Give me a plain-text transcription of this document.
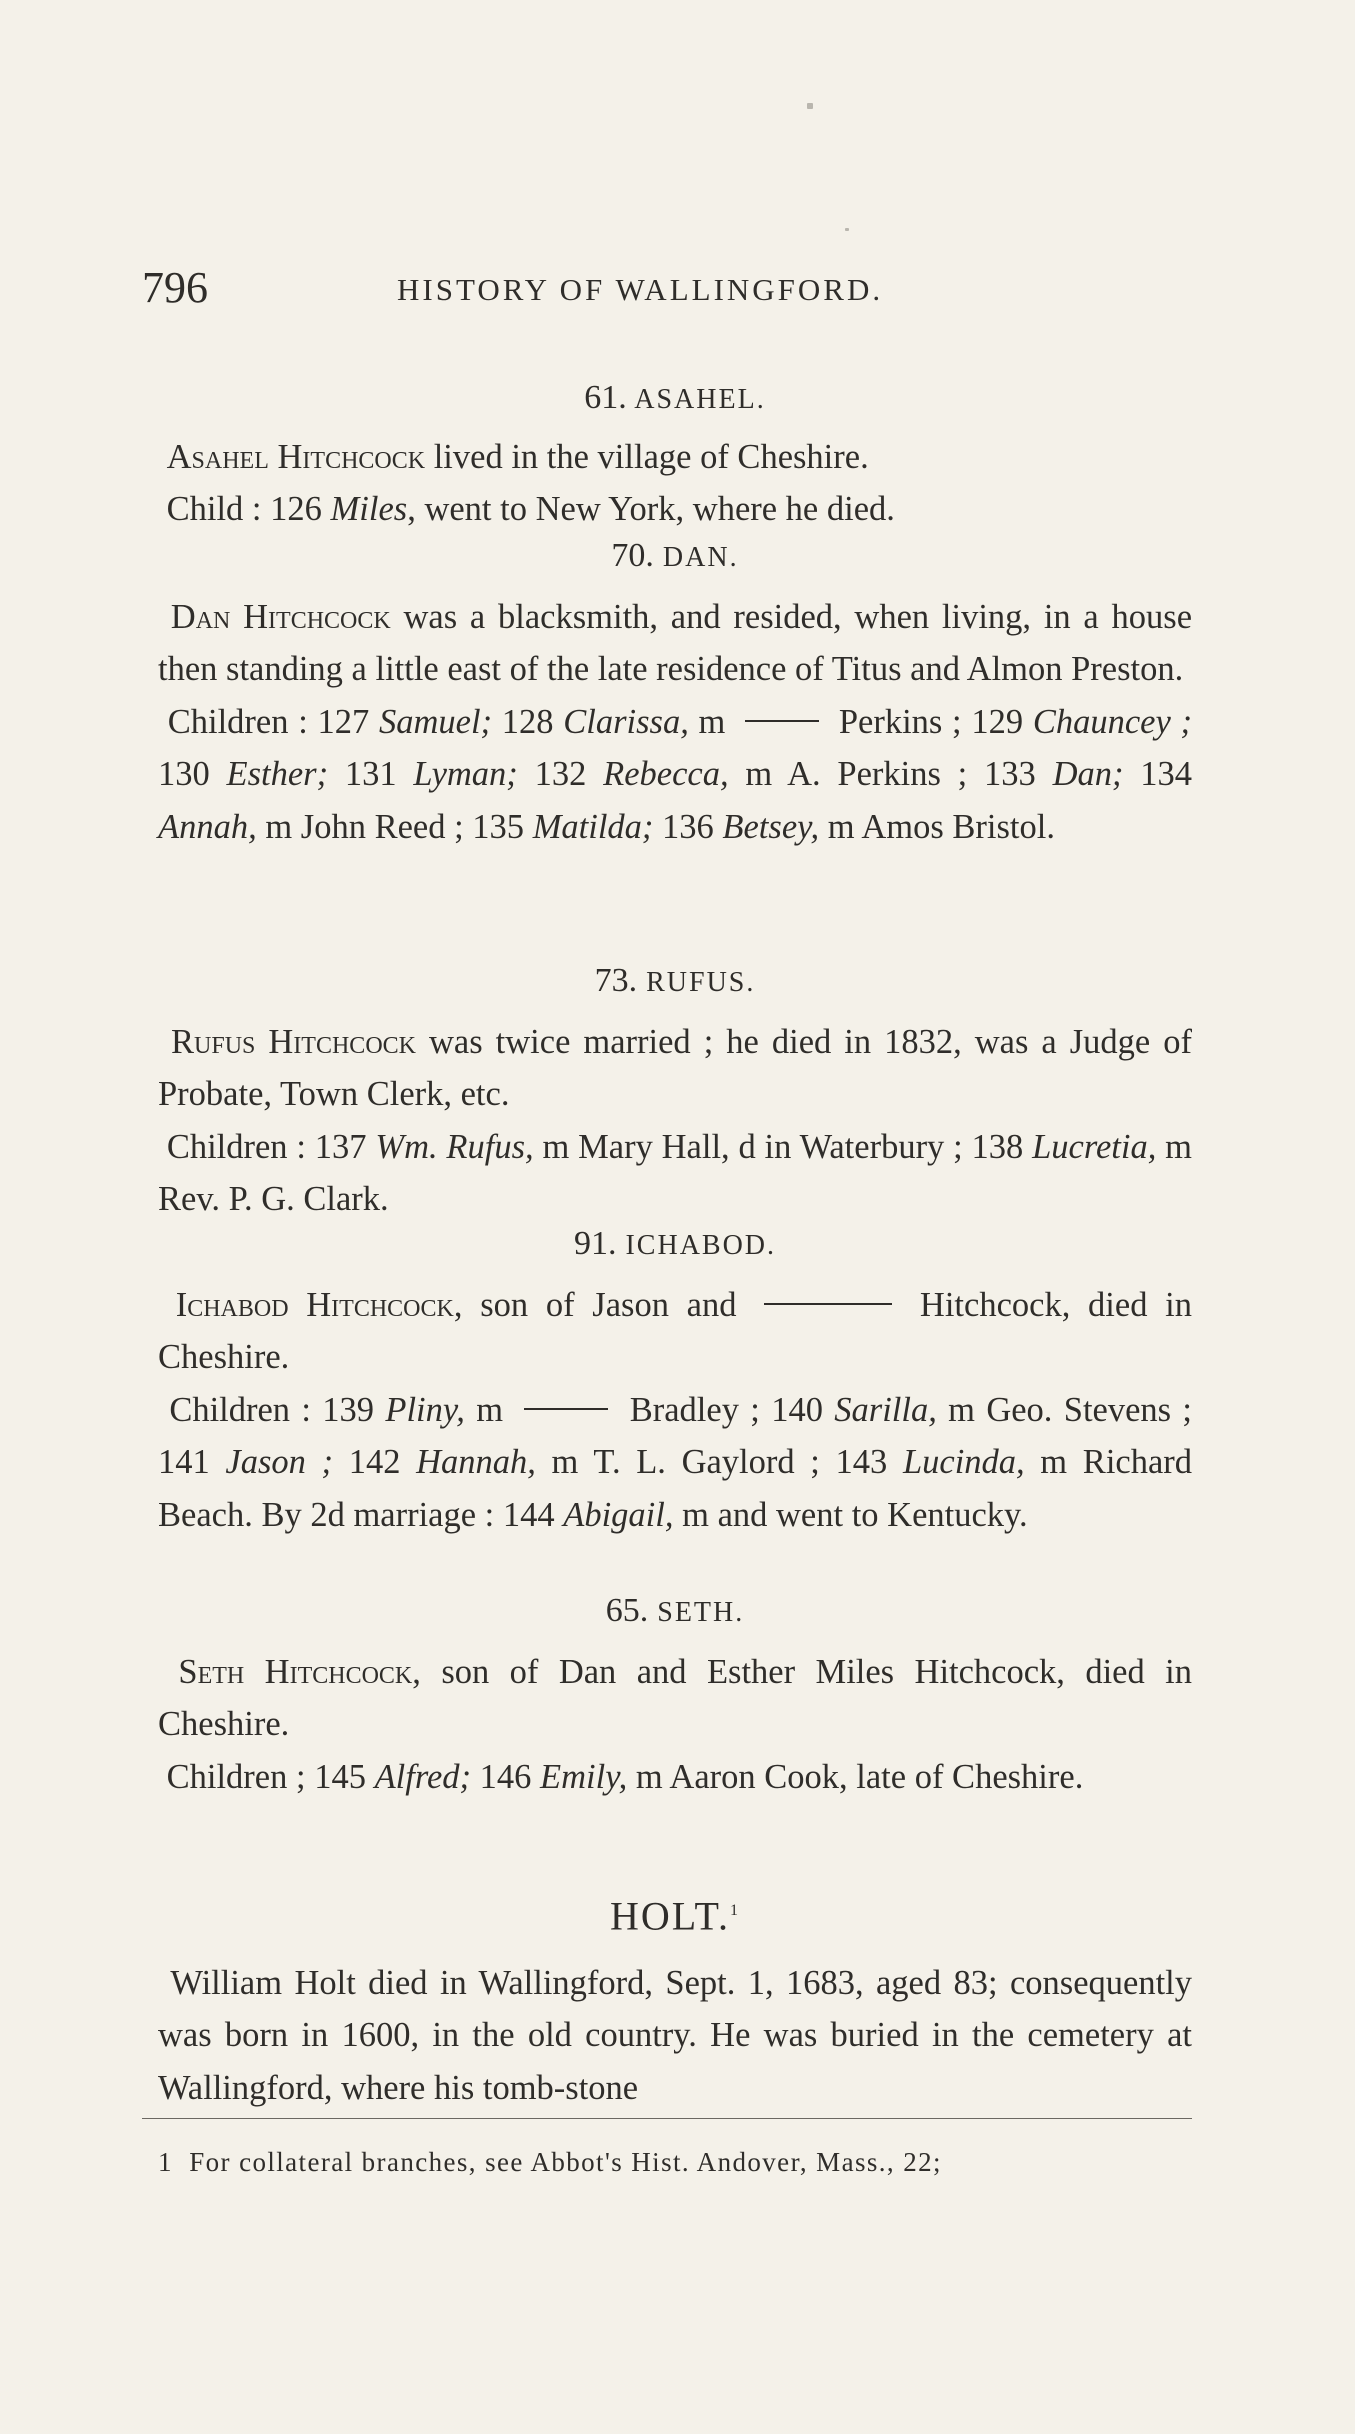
796	HISTORY OF WALLINGFORD.

61. ASAHEL.

Asahel Hitchcock lived in the village of Cheshire.

Child : 126 Miles, went to New York, where he died.

70. DAN.

Dan Hitchcock was a blacksmith, and resided, when living, in a house then standing a little east of the late residence of Titus and Almon Preston.

Children : 127 Samuel; 128 Clarissa, m	Perkins ; 129 Chauncey ; 130 Esther; 131 Lyman; 132 Rebecca, m A. Perkins ; 133 Dan; 134 Annah, m John Reed ; 135 Matilda; 136 Betsey, m Amos Bristol.

73. RUFUS.

Rufus Hitchcock was twice married ; he died in 1832, was a Judge of Probate, Town Clerk, etc.

Children : 137 Wm. Rufus, m Mary Hall, d in Waterbury ; 138 Lucretia, m Rev. P. G. Clark.

91. ICHABOD.

Ichabod Hitchcock, son of Jason and	Hitchcock, died in Cheshire.

Children : 139 Pliny, m	Bradley ; 140 Sarilla, m Geo. Stevens ; 141 Jason ; 142 Hannah, m T. L. Gaylord ; 143 Lucinda, m Richard Beach. By 2d marriage : 144 Abigail, m and went to Kentucky.

65. SETH.

Seth Hitchcock, son of Dan and Esther Miles Hitchcock, died in Cheshire.

Children ; 145 Alfred; 146 Emily, m Aaron Cook, late of Cheshire.

HOLT.$^1$

William Holt died in Wallingford, Sept. 1, 1683, aged 83; consequently was born in 1600, in the old country. He was buried in the cemetery at Wallingford, where his tomb-stone

1 For collateral branches, see Abbot's Hist. Andover, Mass., 22;
